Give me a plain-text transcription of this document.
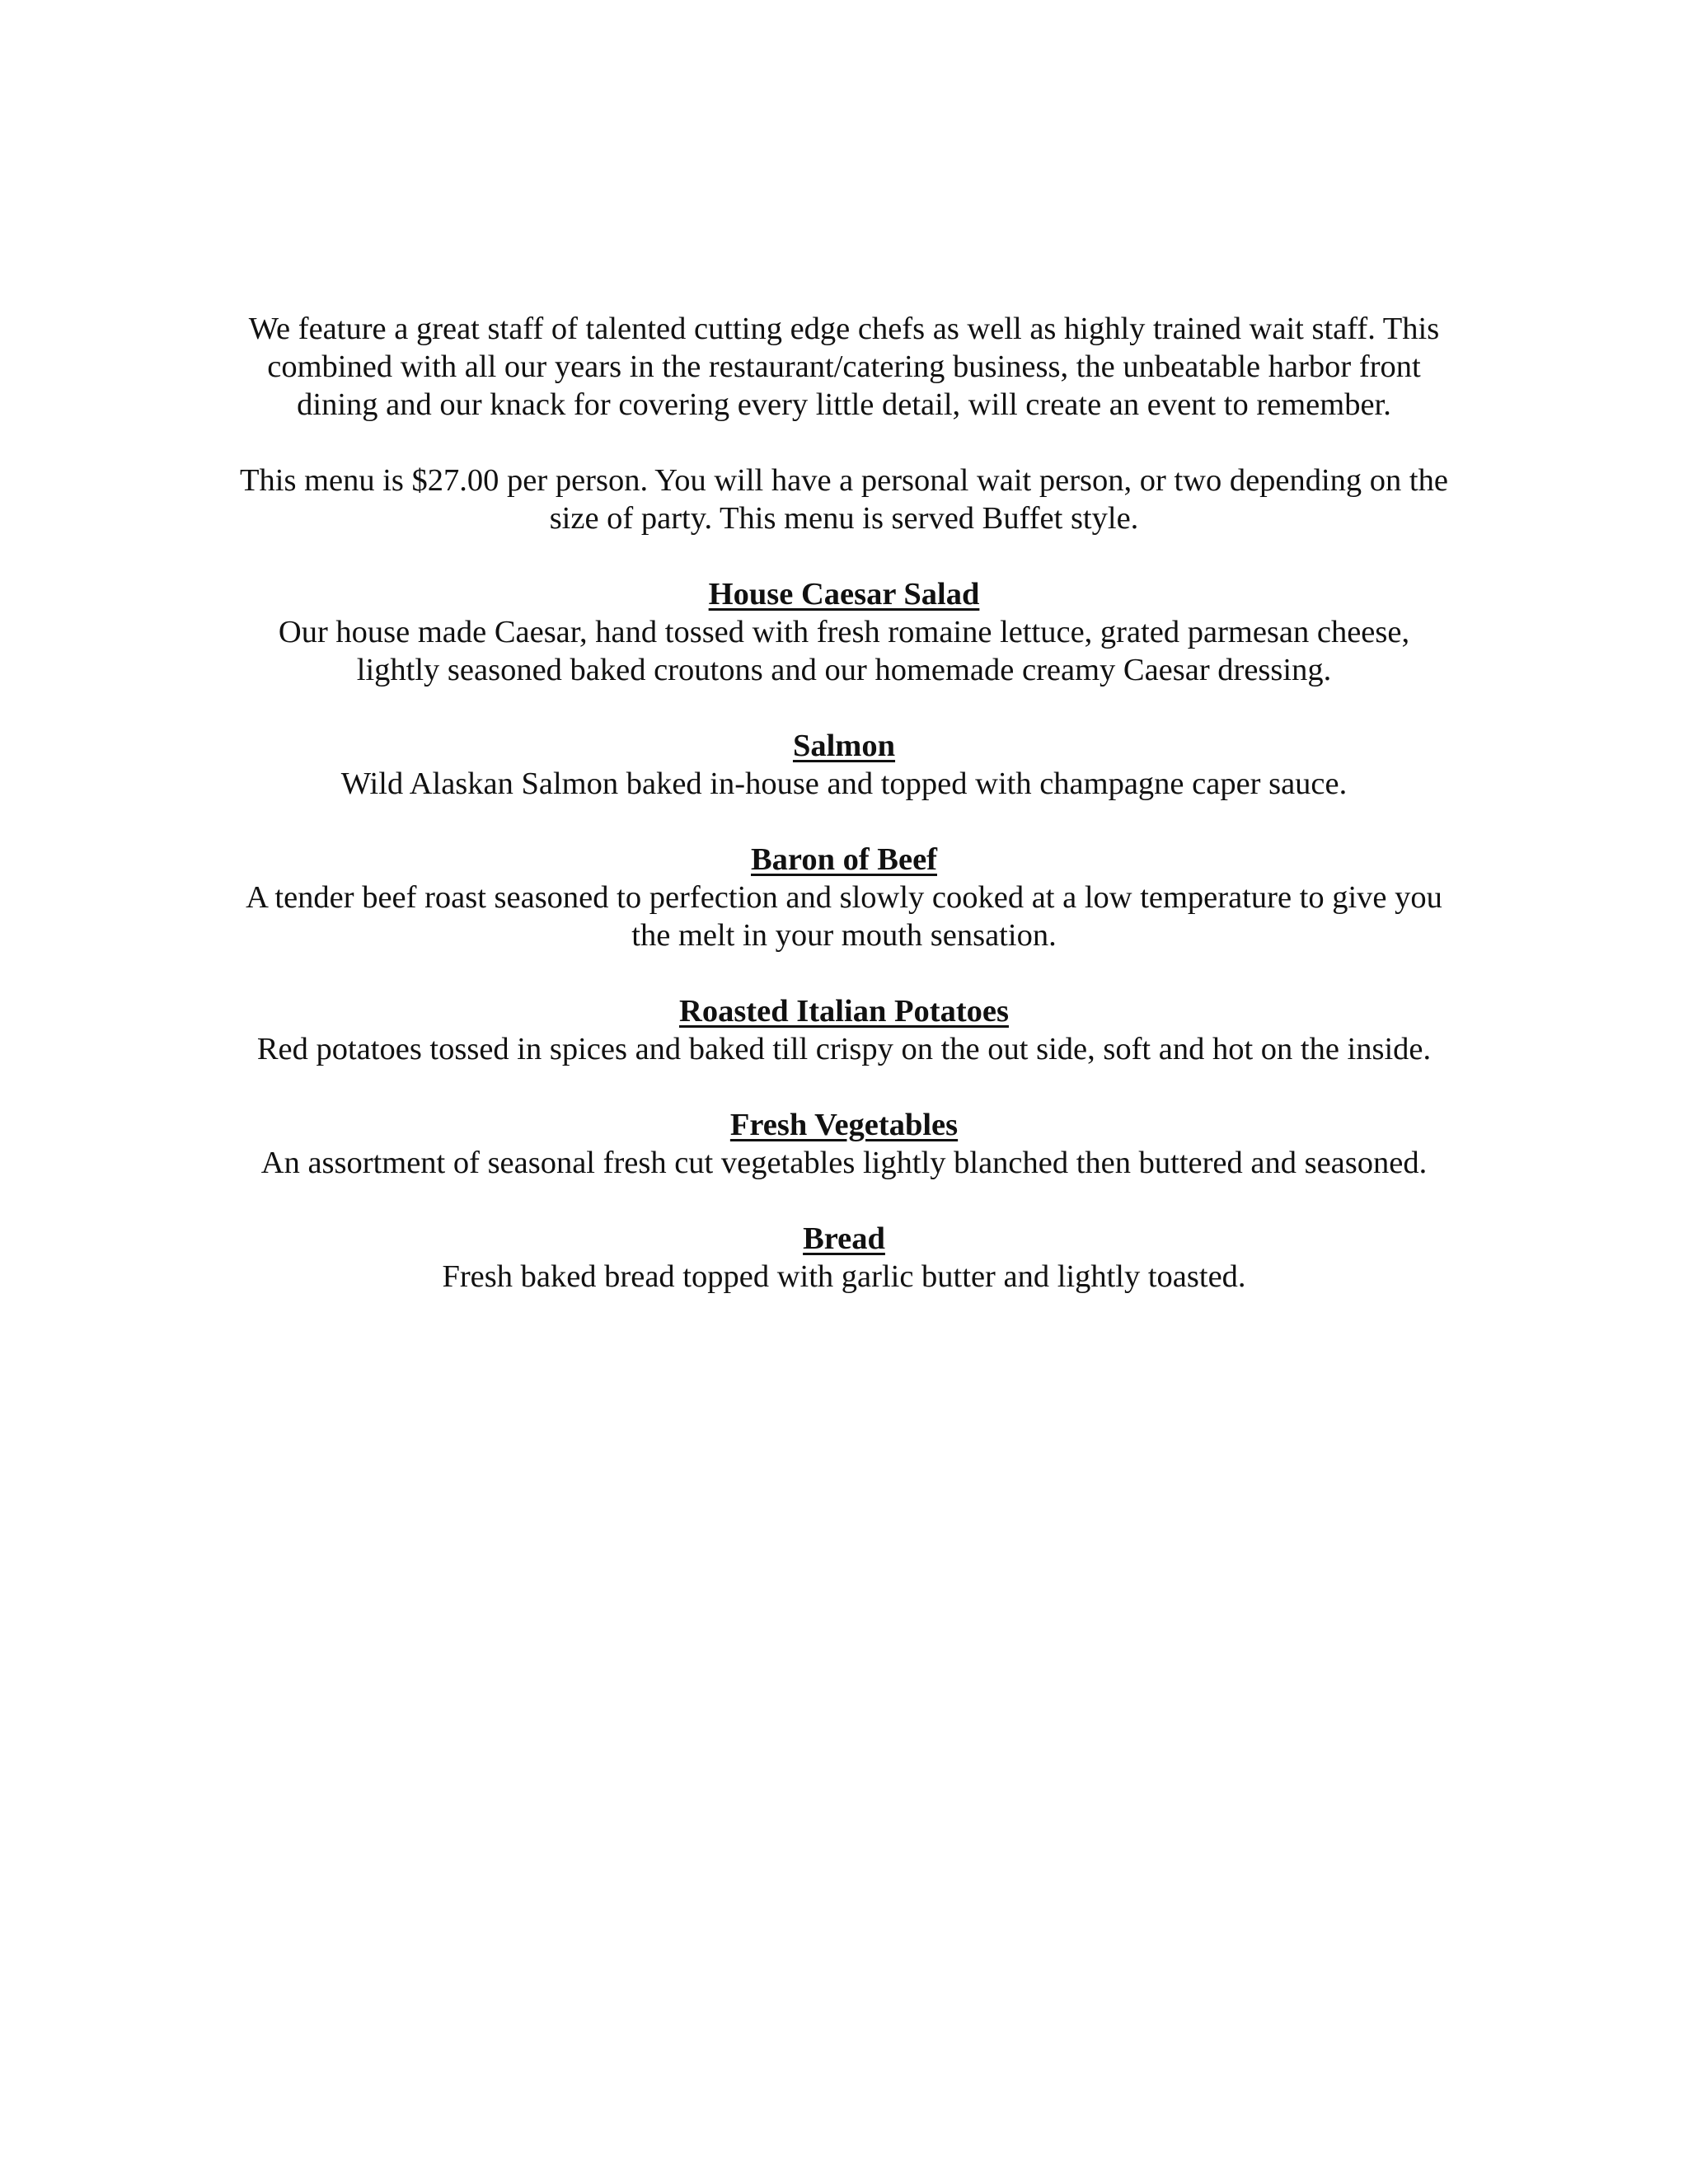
We feature a great staff of talented cutting edge chefs as well as highly trained wait staff. This combined with all our years in the restaurant/catering business, the unbeatable harbor front dining and our knack for covering every little detail, will create an event to remember.

This menu is $27.00 per person. You will have a personal wait person, or two depending on the size of party. This menu is served Buffet style.

House Caesar Salad
Our house made Caesar, hand tossed with fresh romaine lettuce, grated parmesan cheese, lightly seasoned baked croutons and our homemade creamy Caesar dressing.
Salmon
Wild Alaskan Salmon baked in-house and topped with champagne caper sauce.
Baron of Beef
A tender beef roast seasoned to perfection and slowly cooked at a low temperature to give you the melt in your mouth sensation.
Roasted Italian Potatoes
Red potatoes tossed in spices and baked till crispy on the out side, soft and hot on the inside.
Fresh Vegetables
An assortment of seasonal fresh cut vegetables lightly blanched then buttered and seasoned.
Bread
Fresh baked bread topped with garlic butter and lightly toasted.
